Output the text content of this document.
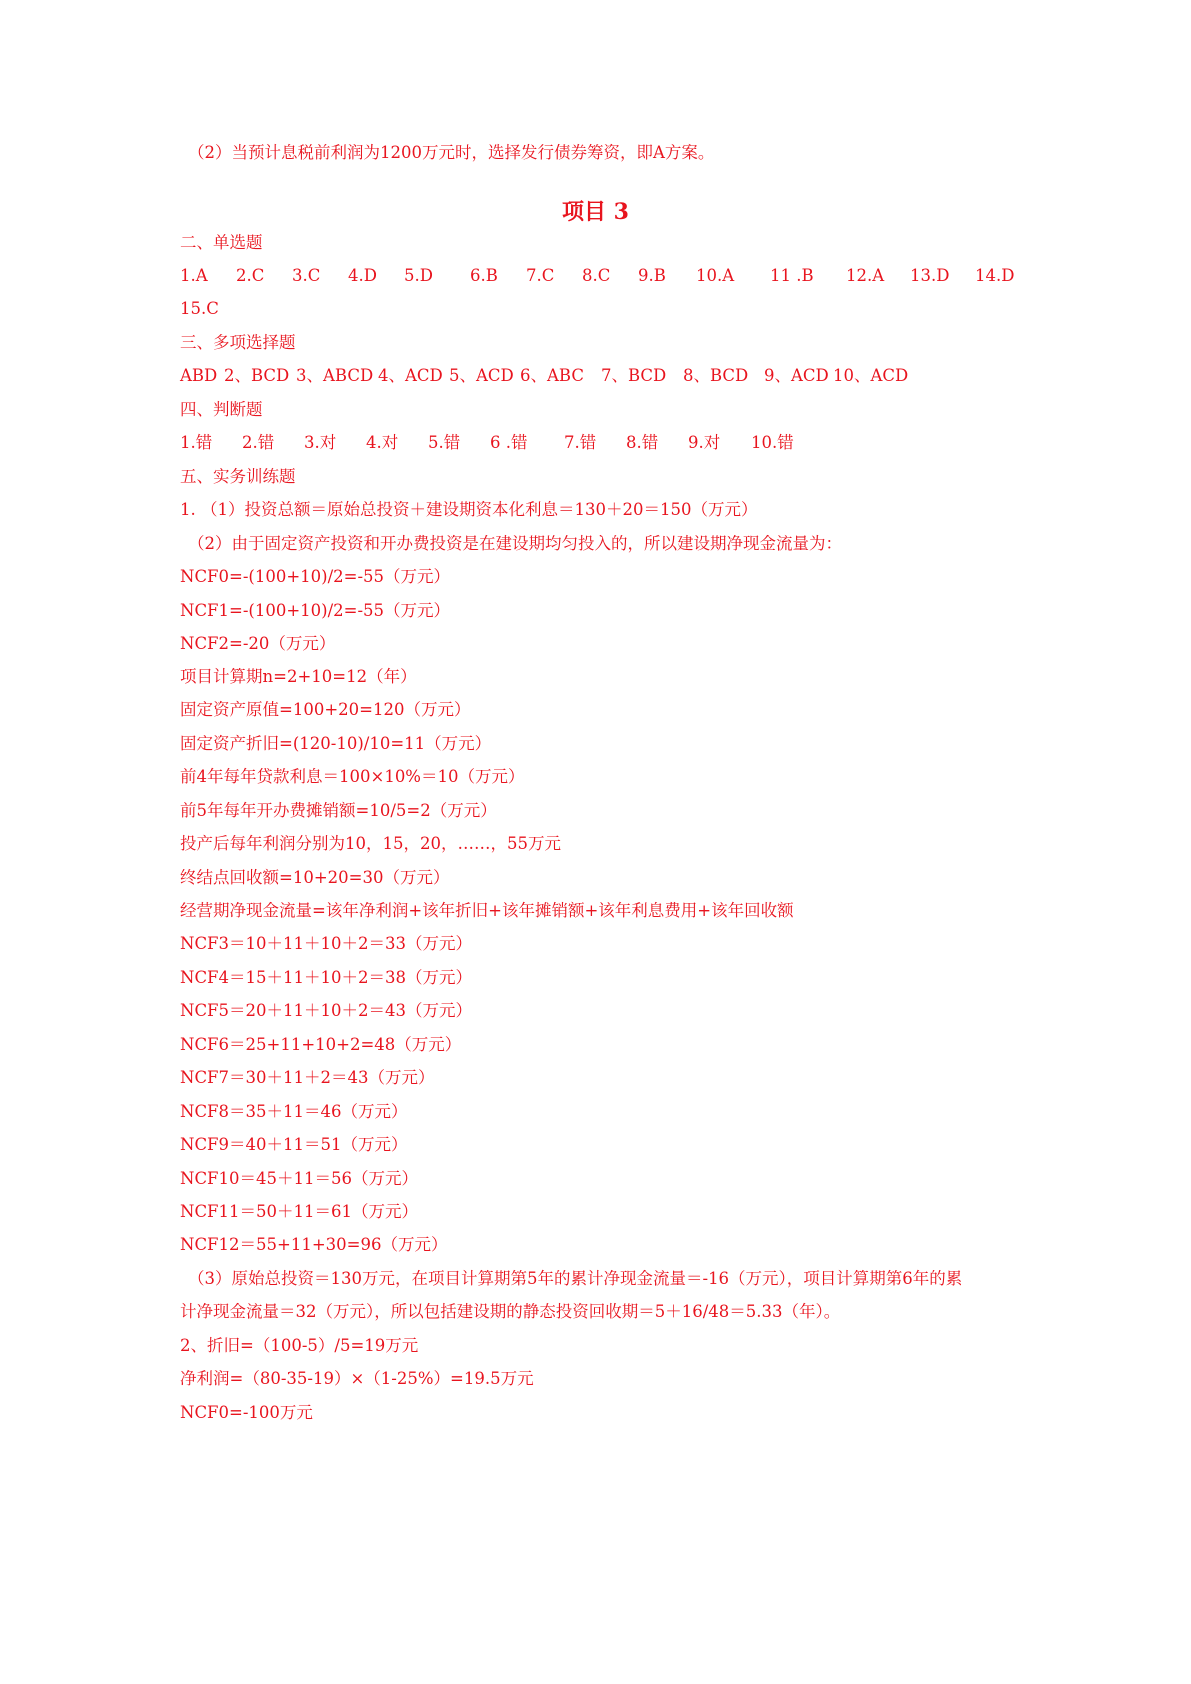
（2）当预计息税前利润为1200万元时，选择发行债券筹资，即A方案。
项目 3
二、单选题
1.A 2.C 3.C 4.D 5.D 6.B 7.C 8.C 9.B 10.A 11 .B 12.A 13.D 14.D
15.C
三、多项选择题
ABD 2、BCD 3、ABCD 4、ACD 5、ACD 6、ABC 7、BCD 8、BCD 9、ACD 10、ACD
四、判断题
1.错 2.错 3.对 4.对 5.错 6 .错 7.错 8.错 9.对 10.错
五、实务训练题
1. （1）投资总额＝原始总投资＋建设期资本化利息＝130＋20＝150（万元）
（2）由于固定资产投资和开办费投资是在建设期均匀投入的，所以建设期净现金流量为：
NCF0=-(100+10)/2=-55（万元）
NCF1=-(100+10)/2=-55（万元）
NCF2=-20（万元）
项目计算期n=2+10=12（年）
固定资产原值=100+20=120（万元）
固定资产折旧=(120-10)/10=11（万元）
前4年每年贷款利息＝100×10%＝10（万元）
前5年每年开办费摊销额=10/5=2（万元）
投产后每年利润分别为10，15，20，……，55万元
终结点回收额=10+20=30（万元）
经营期净现金流量=该年净利润+该年折旧+该年摊销额+该年利息费用+该年回收额
NCF3＝10＋11＋10＋2＝33（万元）
NCF4＝15＋11＋10＋2＝38（万元）
NCF5＝20＋11＋10＋2＝43（万元）
NCF6＝25+11+10+2=48（万元）
NCF7＝30＋11＋2＝43（万元）
NCF8＝35＋11＝46（万元）
NCF9＝40＋11＝51（万元）
NCF10＝45＋11＝56（万元）
NCF11＝50＋11＝61（万元）
NCF12＝55+11+30=96（万元）
（3）原始总投资＝130万元，在项目计算期第5年的累计净现金流量＝-16（万元），项目计算期第6年的累
计净现金流量＝32（万元），所以包括建设期的静态投资回收期＝5＋16/48＝5.33（年）。
2、折旧=（100-5）/5=19万元
净利润=（80-35-19）×（1-25%）=19.5万元
NCF0=-100万元
